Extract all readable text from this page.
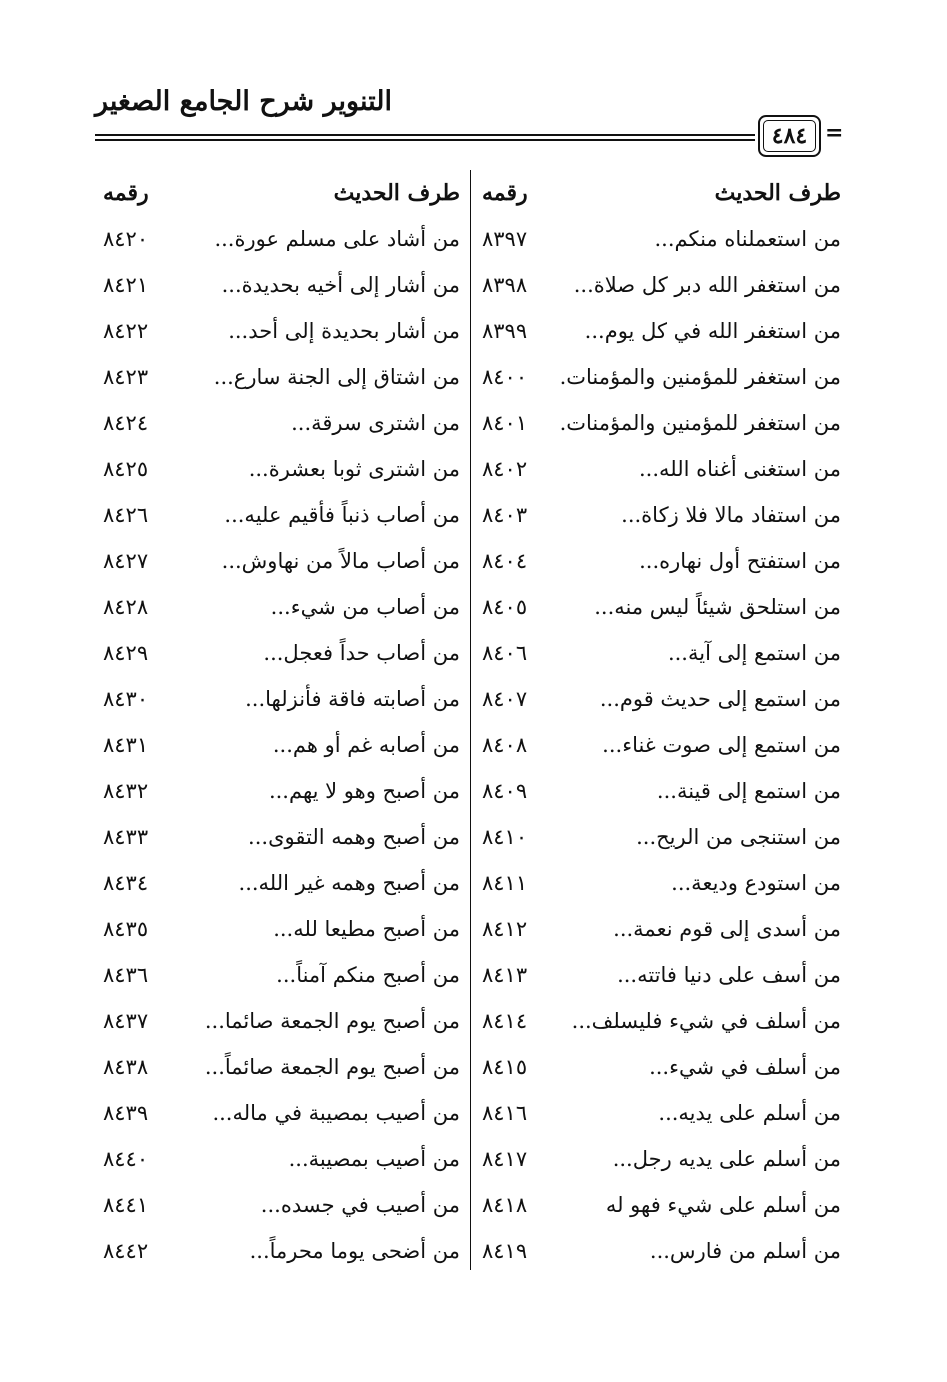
التنوير شرح الجامع الصغير
٤٨٤ =
طرف الحديث
رقمه
من استعملناه منكم...
٨٣٩٧
من استغفر الله دبر كل صلاة...
٨٣٩٨
من استغفر الله في كل يوم...
٨٣٩٩
من استغفر للمؤمنين والمؤمنات.
٨٤٠٠
من استغفر للمؤمنين والمؤمنات.
٨٤٠١
من استغنى أغناه الله...
٨٤٠٢
من استفاد مالا فلا زكاة...
٨٤٠٣
من استفتح أول نهاره...
٨٤٠٤
من استلحق شيئاً ليس منه...
٨٤٠٥
من استمع إلى آية...
٨٤٠٦
من استمع إلى حديث قوم...
٨٤٠٧
من استمع إلى صوت غناء...
٨٤٠٨
من استمع إلى قينة...
٨٤٠٩
من استنجى من الريح...
٨٤١٠
من استودع وديعة...
٨٤١١
من أسدى إلى قوم نعمة...
٨٤١٢
من أسف على دنيا فاتته...
٨٤١٣
من أسلف في شيء فليسلف...
٨٤١٤
من أسلف في شيء...
٨٤١٥
من أسلم على يديه...
٨٤١٦
من أسلم على يديه رجل...
٨٤١٧
من أسلم على شيء فهو له
٨٤١٨
من أسلم من فارس...
٨٤١٩
طرف الحديث
رقمه
من أشاد على مسلم عورة...
٨٤٢٠
من أشار إلى أخيه بحديدة...
٨٤٢١
من أشار بحديدة إلى أحد...
٨٤٢٢
من اشتاق إلى الجنة سارع...
٨٤٢٣
من اشترى سرقة...
٨٤٢٤
من اشترى ثوبا بعشرة...
٨٤٢٥
من أصاب ذنباً فأقيم عليه...
٨٤٢٦
من أصاب مالاً من نهاوش...
٨٤٢٧
من أصاب من شيء...
٨٤٢٨
من أصاب حداً فعجل...
٨٤٢٩
من أصابته فاقة فأنزلها...
٨٤٣٠
من أصابه غم أو هم...
٨٤٣١
من أصبح وهو لا يهم...
٨٤٣٢
من أصبح وهمه التقوى...
٨٤٣٣
من أصبح وهمه غير الله...
٨٤٣٤
من أصبح مطيعا لله...
٨٤٣٥
من أصبح منكم آمناً...
٨٤٣٦
من أصبح يوم الجمعة صائما...
٨٤٣٧
من أصبح يوم الجمعة صائماً...
٨٤٣٨
من أصيب بمصيبة في ماله...
٨٤٣٩
من أصيب بمصيبة...
٨٤٤٠
من أصيب في جسده...
٨٤٤١
من أضحى يوما محرماً...
٨٤٤٢
